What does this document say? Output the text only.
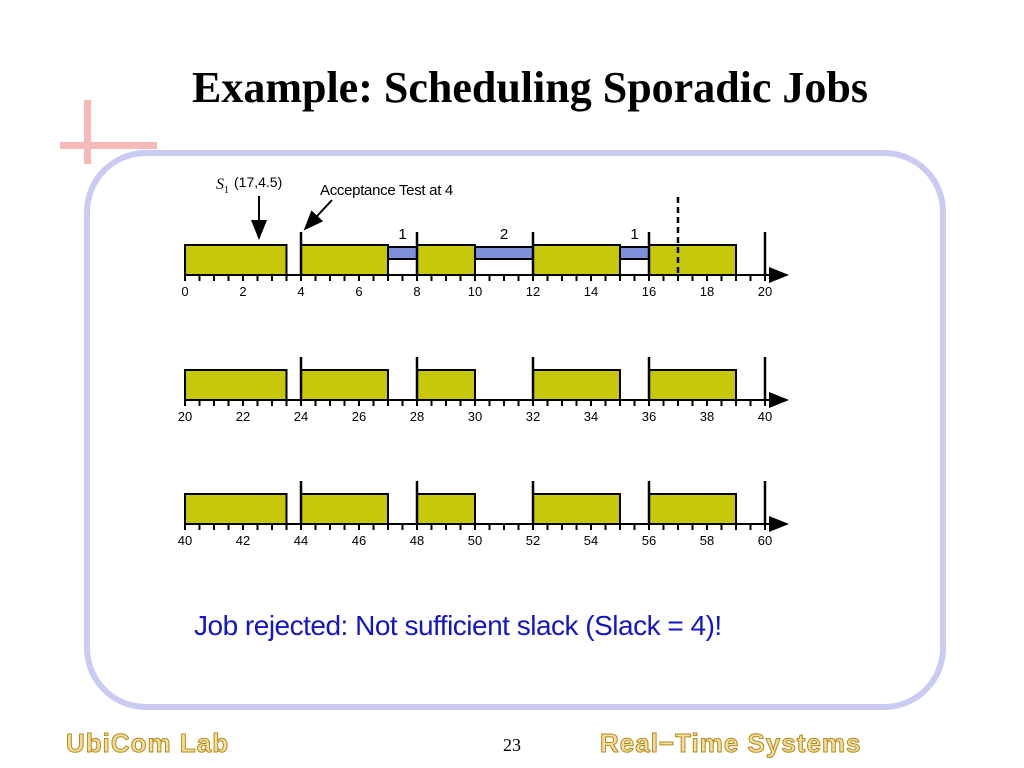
Example: Scheduling Sporadic Jobs
1	2	1
0	2	4	6	8	10	12	14	16	18	20
20	22	24	26	28	30	32	34	36	38	40
40	42	44	46	48	50	52	54	56	58	60
$S_1$
(17,4.5)	Acceptance Test at 4
Job rejected: Not sufficient slack (Slack = 4)!
UbiCom Lab	23	Real−Time Systems
